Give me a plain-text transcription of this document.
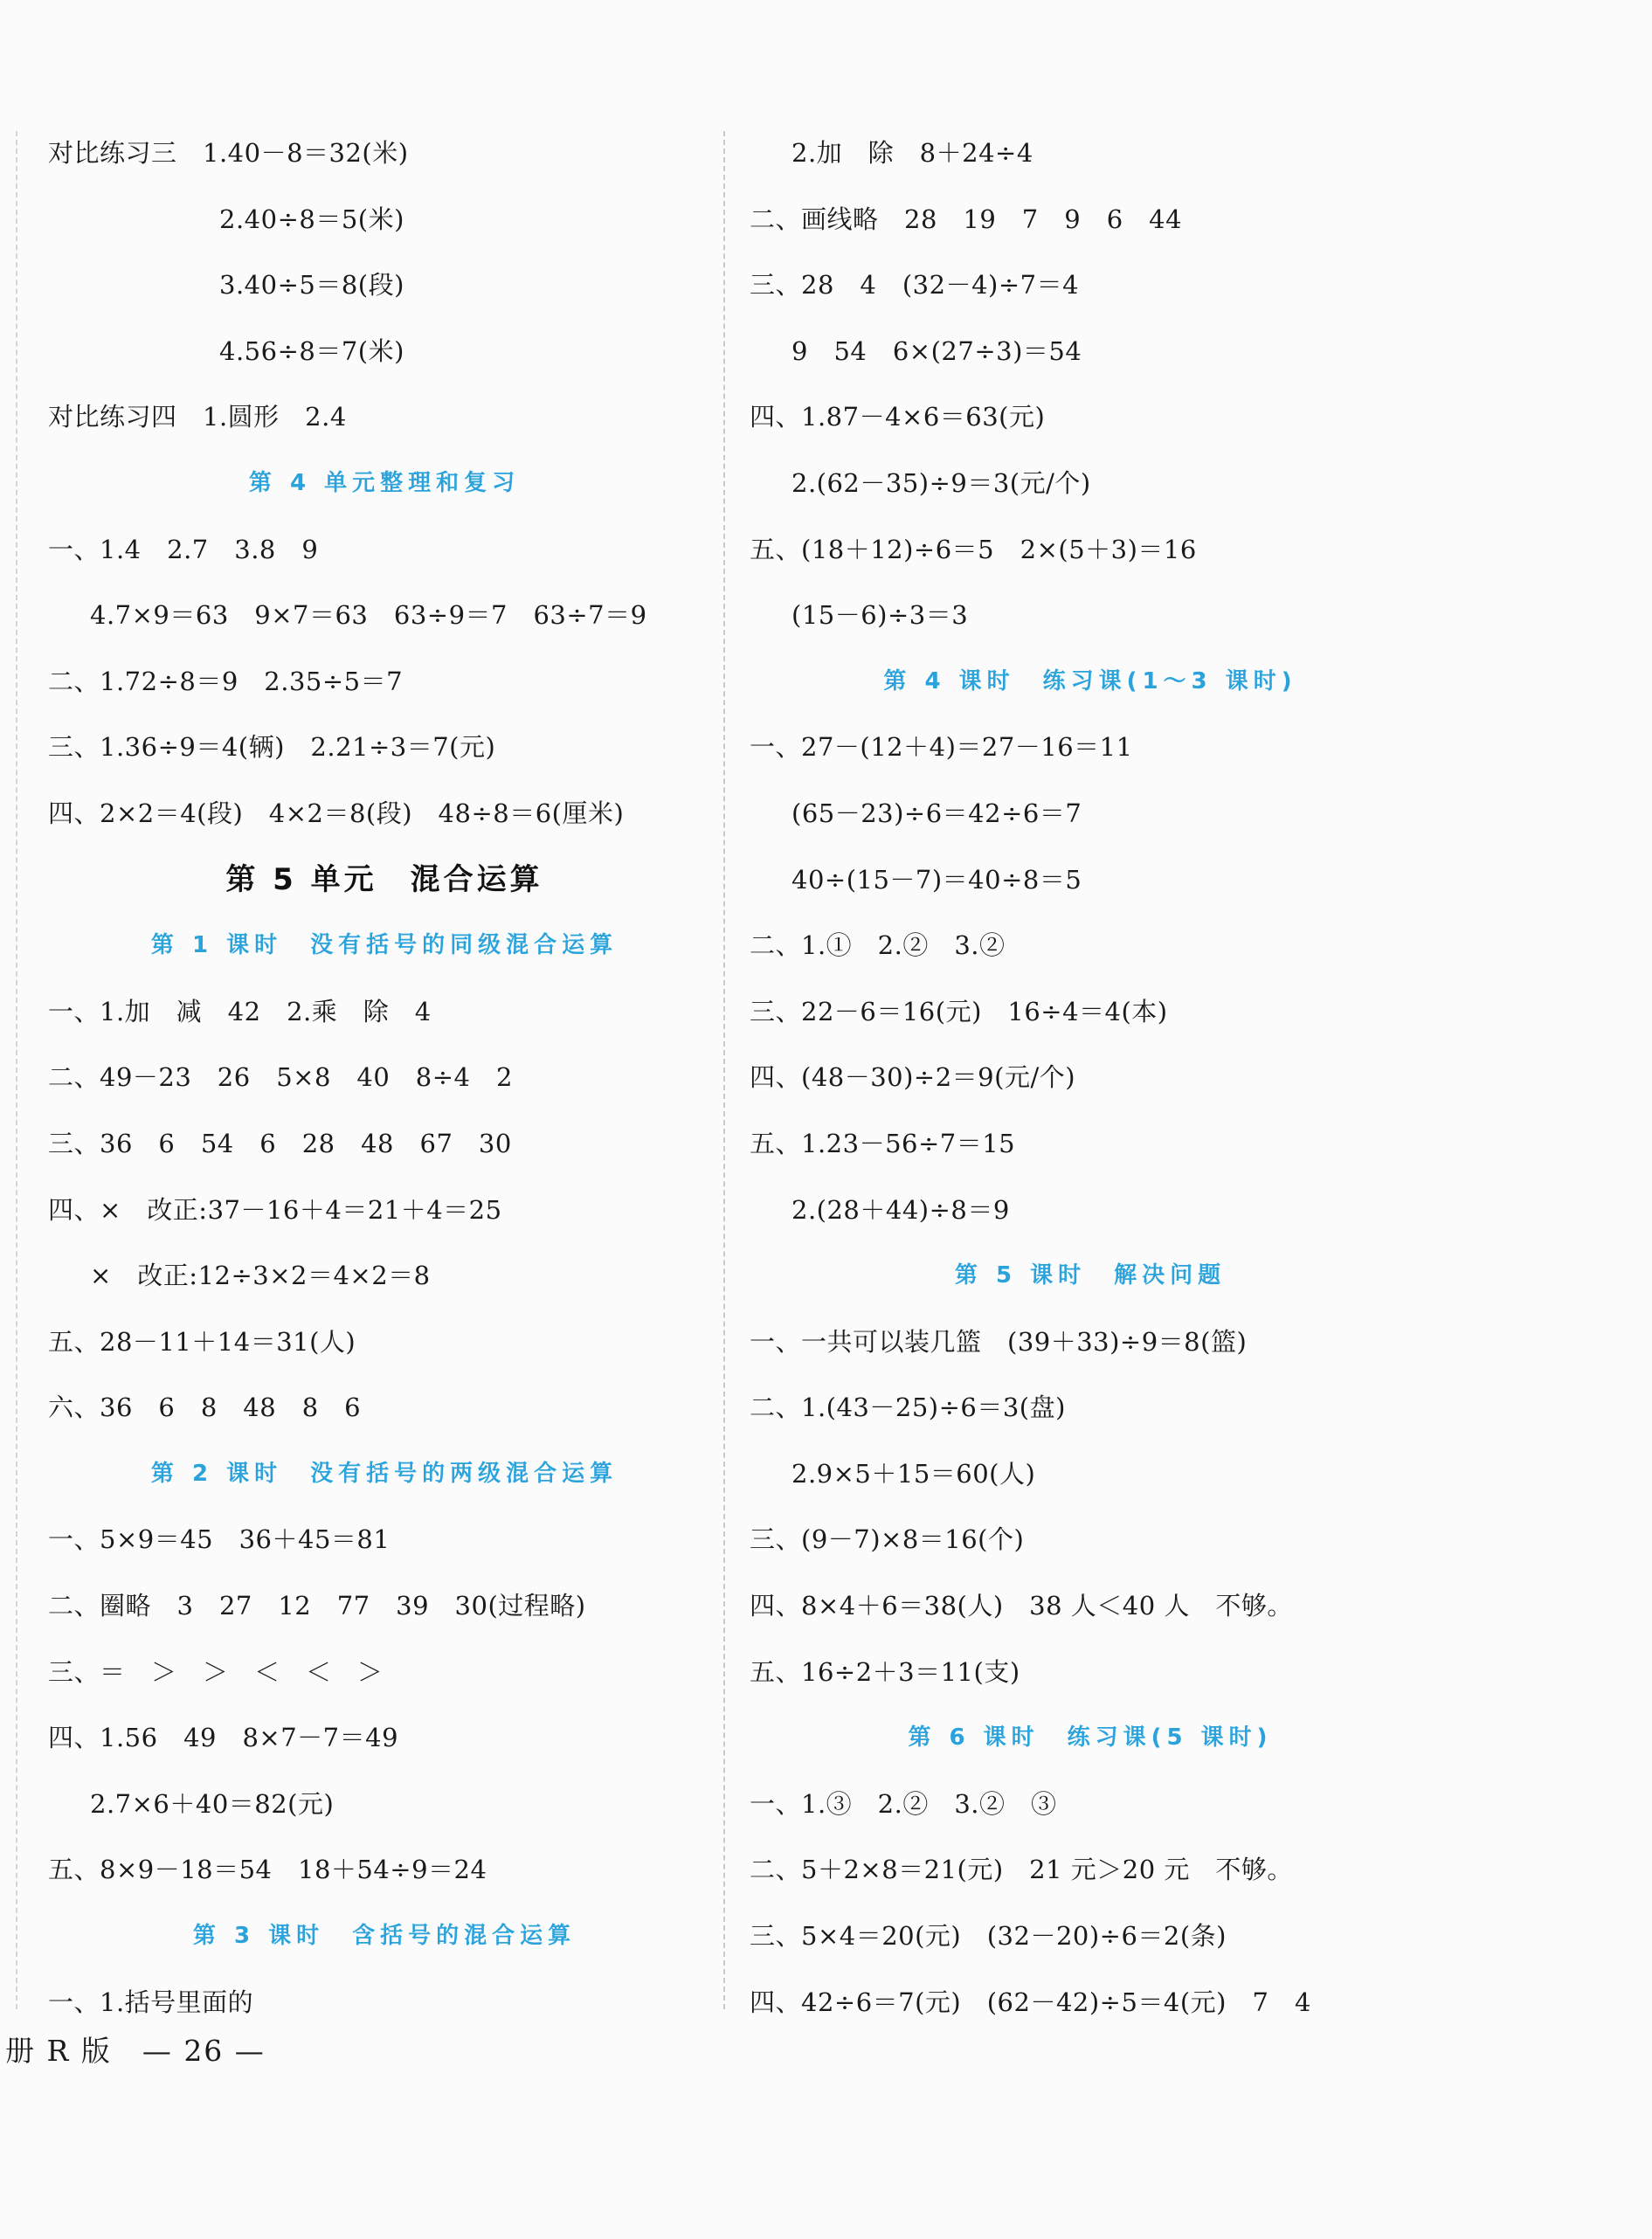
对比练习三　1.40－8＝32(米)
2.40÷8＝5(米)
3.40÷5＝8(段)
4.56÷8＝7(米)
对比练习四　1.圆形　2.4
第 4 单元整理和复习
一、1.4　2.7　3.8　9
4.7×9＝63　9×7＝63　63÷9＝7　63÷7＝9
二、1.72÷8＝9　2.35÷5＝7
三、1.36÷9＝4(辆)　2.21÷3＝7(元)
四、2×2＝4(段)　4×2＝8(段)　48÷8＝6(厘米)
第 5 单元　混合运算
第 1 课时　没有括号的同级混合运算
一、1.加　减　42　2.乘　除　4
二、49－23　26　5×8　40　8÷4　2
三、36　6　54　6　28　48　67　30
四、×　改正:37－16＋4＝21＋4＝25
×　改正:12÷3×2＝4×2＝8
五、28－11＋14＝31(人)
六、36　6　8　48　8　6
第 2 课时　没有括号的两级混合运算
一、5×9＝45　36＋45＝81
二、圈略　3　27　12　77　39　30(过程略)
三、＝　＞　＞　＜　＜　＞
四、1.56　49　8×7－7＝49
2.7×6＋40＝82(元)
五、8×9－18＝54　18＋54÷9＝24
第 3 课时　含括号的混合运算
一、1.括号里面的
2.加　除　8＋24÷4
二、画线略　28　19　7　9　6　44
三、28　4　(32－4)÷7＝4
9　54　6×(27÷3)＝54
四、1.87－4×6＝63(元)
2.(62－35)÷9＝3(元/个)
五、(18＋12)÷6＝5　2×(5＋3)＝16
(15－6)÷3＝3
第 4 课时　练习课(1～3 课时)
一、27－(12＋4)＝27－16＝11
(65－23)÷6＝42÷6＝7
40÷(15－7)＝40÷8＝5
二、1.①　2.②　3.②
三、22－6＝16(元)　16÷4＝4(本)
四、(48－30)÷2＝9(元/个)
五、1.23－56÷7＝15
2.(28＋44)÷8＝9
第 5 课时　解决问题
一、一共可以装几篮　(39＋33)÷9＝8(篮)
二、1.(43－25)÷6＝3(盘)
2.9×5＋15＝60(人)
三、(9－7)×8＝16(个)
四、8×4＋6＝38(人)　38 人＜40 人　不够。
五、16÷2＋3＝11(支)
第 6 课时　练习课(5 课时)
一、1.③　2.②　3.②　③
二、5＋2×8＝21(元)　21 元＞20 元　不够。
三、5×4＝20(元)　(32－20)÷6＝2(条)
四、42÷6＝7(元)　(62－42)÷5＝4(元)　7　4
册 R 版　— 26 —
